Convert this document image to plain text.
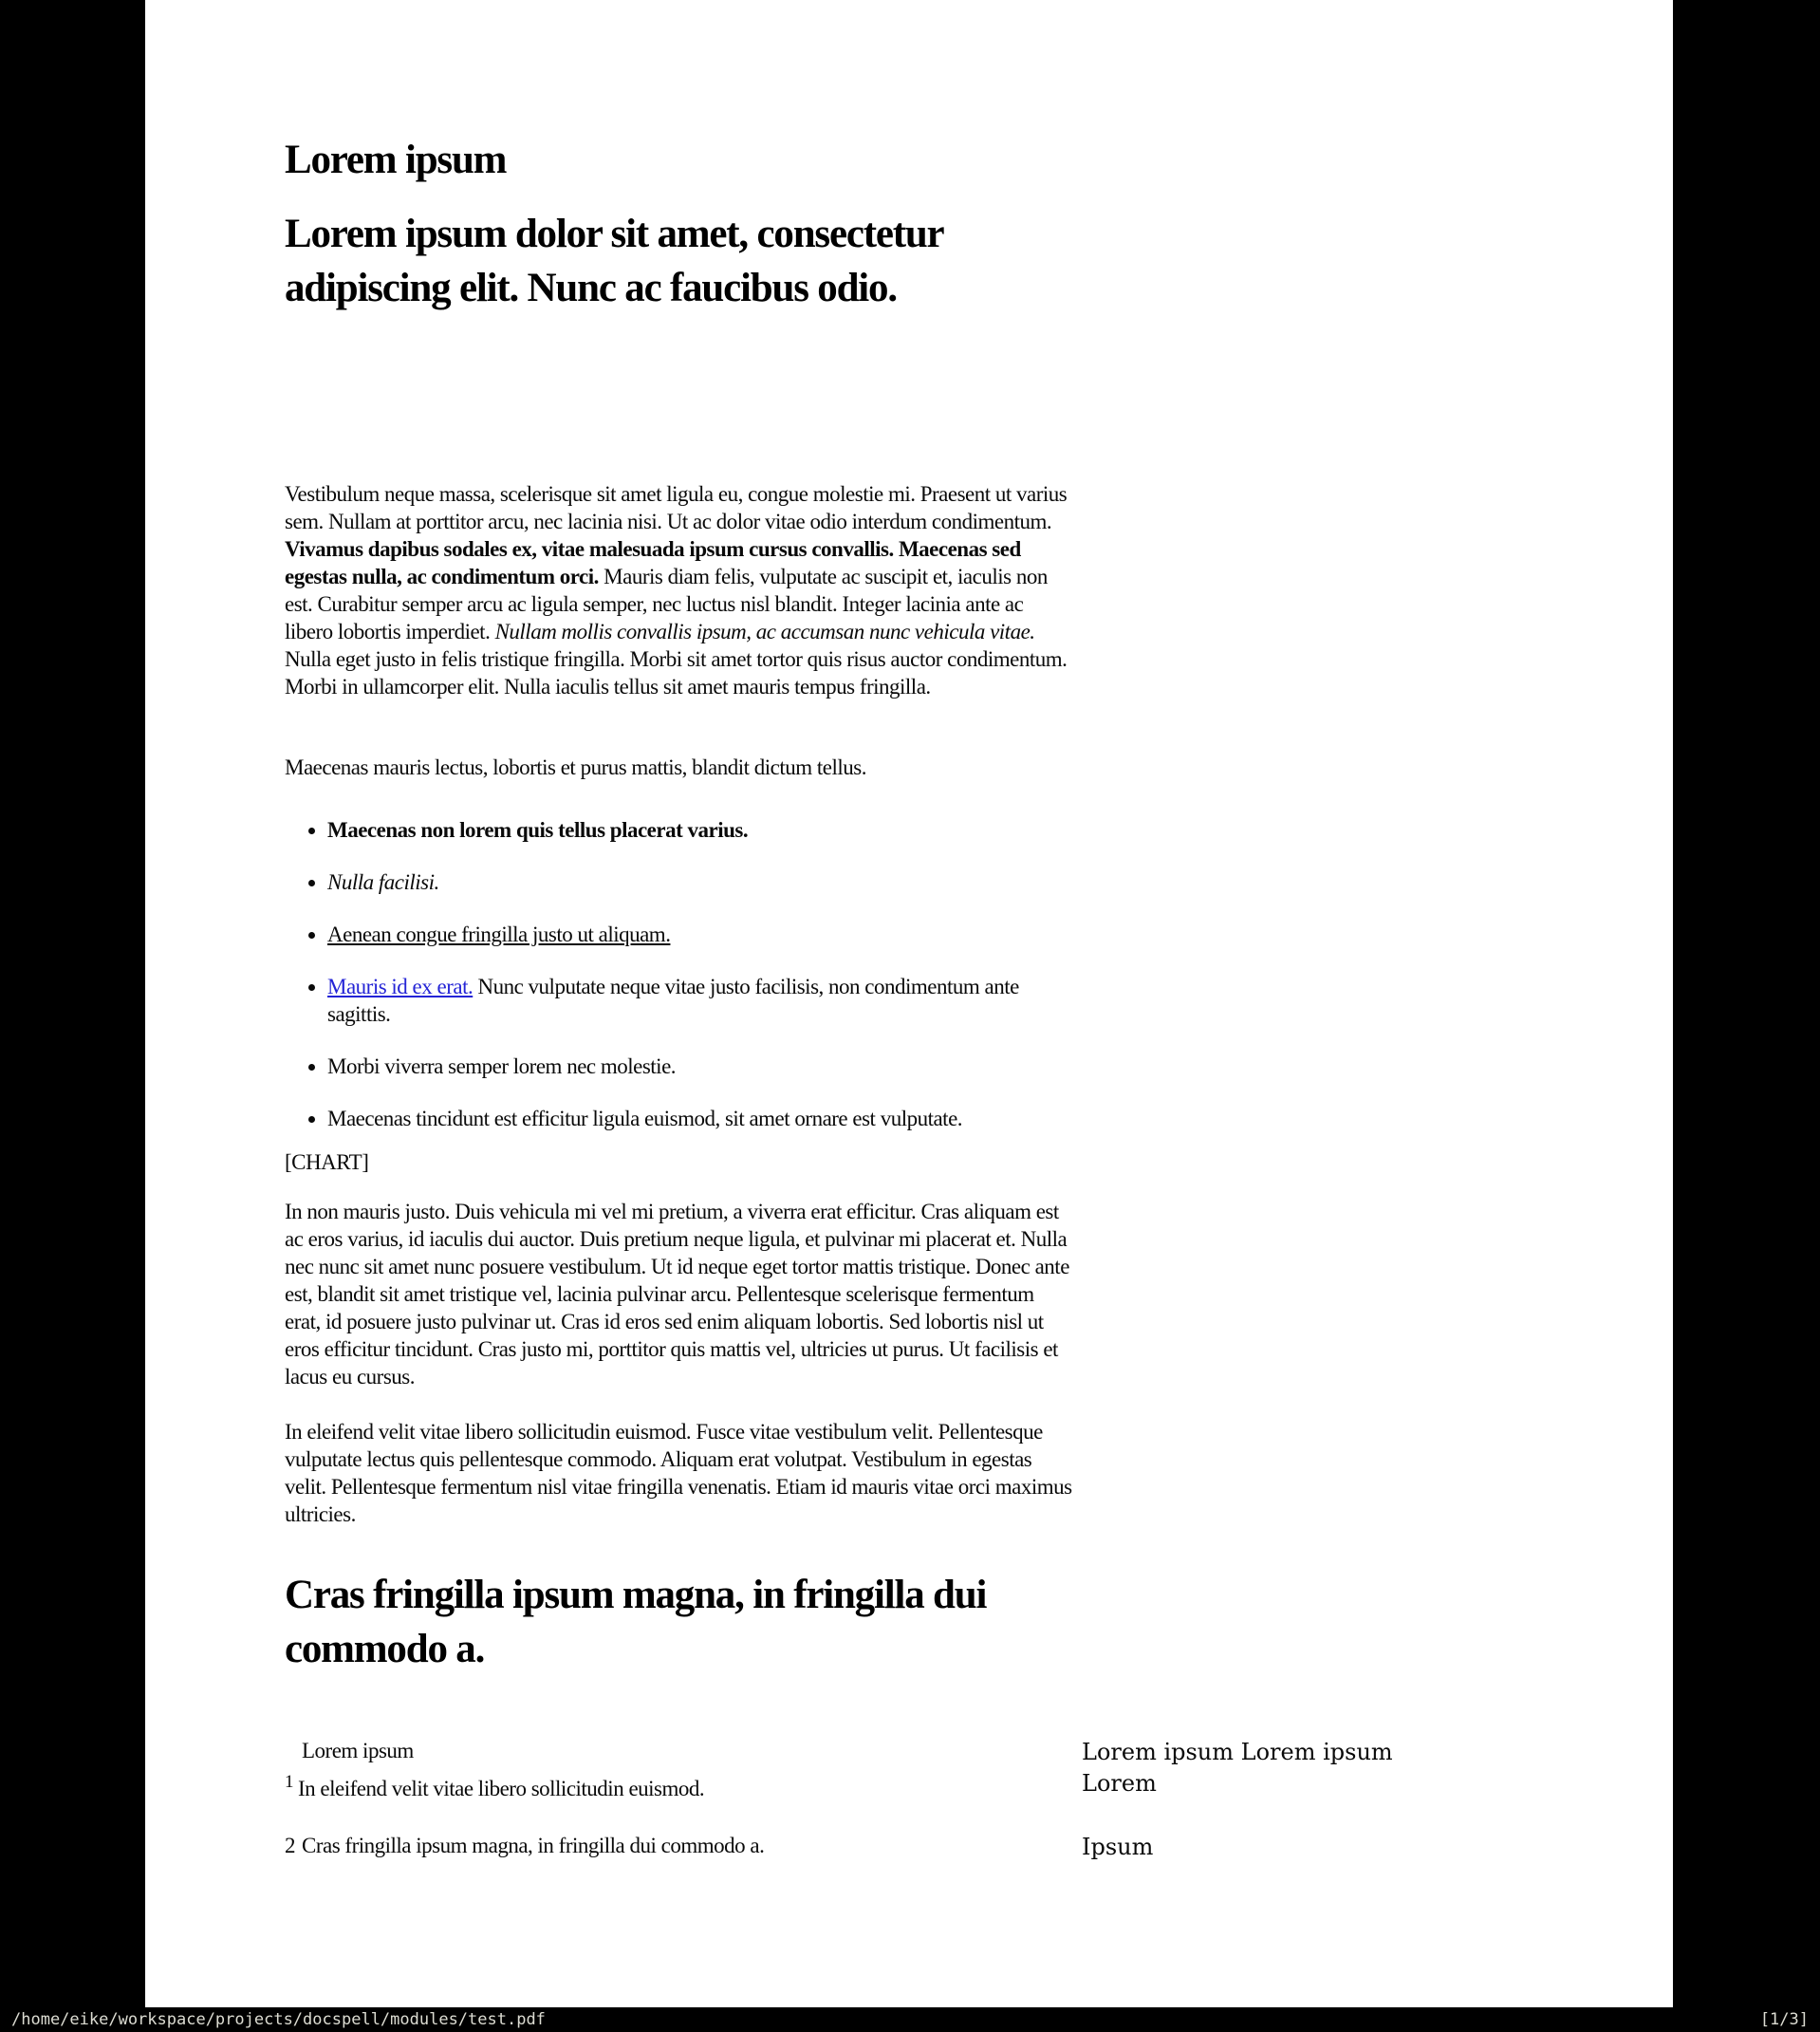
Lorem ipsum
Lorem ipsum dolor sit amet, consectetur adipiscing elit. Nunc ac faucibus odio.

Vestibulum neque massa, scelerisque sit amet ligula eu, congue molestie mi. Praesent ut varius sem. Nullam at porttitor arcu, nec lacinia nisi. Ut ac dolor vitae odio interdum condimentum. Vivamus dapibus sodales ex, vitae malesuada ipsum cursus convallis. Maecenas sed egestas nulla, ac condimentum orci. Mauris diam felis, vulputate ac suscipit et, iaculis non est. Curabitur semper arcu ac ligula semper, nec luctus nisl blandit. Integer lacinia ante ac libero lobortis imperdiet. Nullam mollis convallis ipsum, ac accumsan nunc vehicula vitae. Nulla eget justo in felis tristique fringilla. Morbi sit amet tortor quis risus auctor condimentum. Morbi in ullamcorper elit. Nulla iaculis tellus sit amet mauris tempus fringilla.

Maecenas mauris lectus, lobortis et purus mattis, blandit dictum tellus.

• Maecenas non lorem quis tellus placerat varius.
• Nulla facilisi.
• Aenean congue fringilla justo ut aliquam.
• Mauris id ex erat. Nunc vulputate neque vitae justo facilisis, non condimentum ante sagittis.
• Morbi viverra semper lorem nec molestie.
• Maecenas tincidunt est efficitur ligula euismod, sit amet ornare est vulputate.

[CHART]

In non mauris justo. Duis vehicula mi vel mi pretium, a viverra erat efficitur. Cras aliquam est ac eros varius, id iaculis dui auctor. Duis pretium neque ligula, et pulvinar mi placerat et. Nulla nec nunc sit amet nunc posuere vestibulum. Ut id neque eget tortor mattis tristique. Donec ante est, blandit sit amet tristique vel, lacinia pulvinar arcu. Pellentesque scelerisque fermentum erat, id posuere justo pulvinar ut. Cras id eros sed enim aliquam lobortis. Sed lobortis nisl ut eros efficitur tincidunt. Cras justo mi, porttitor quis mattis vel, ultricies ut purus. Ut facilisis et lacus eu cursus.

In eleifend velit vitae libero sollicitudin euismod. Fusce vitae vestibulum velit. Pellentesque vulputate lectus quis pellentesque commodo. Aliquam erat volutpat. Vestibulum in egestas velit. Pellentesque fermentum nisl vitae fringilla venenatis. Etiam id mauris vitae orci maximus ultricies.

Cras fringilla ipsum magna, in fringilla dui commodo a.
Lorem ipsum	Lorem ipsum Lorem ipsum Lorem
$^1$ In eleifend velit vitae libero sollicitudin euismod.
2 Cras fringilla ipsum magna, in fringilla dui commodo a.	Ipsum
/home/eike/workspace/projects/docspell/modules/test.pdf	[1/3]
